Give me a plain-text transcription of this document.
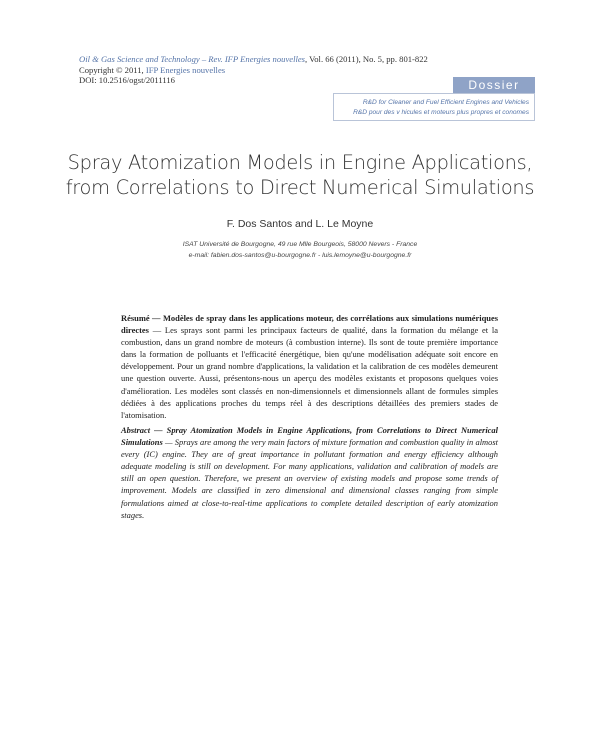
Oil & Gas Science and Technology – Rev. IFP Energies nouvelles, Vol. 66 (2011), No. 5, pp. 801-822
Copyright © 2011, IFP Energies nouvelles
DOI: 10.2516/ogst/2011116	Dossier
R&D for Cleaner and Fuel Efficient Engines and Vehicles
R&D pour des v hicules et moteurs plus propres et conomes
Spray Atomization Models in Engine Applications,
from Correlations to Direct Numerical Simulations
F. Dos Santos and L. Le Moyne
ISAT Université de Bourgogne, 49 rue Mlle Bourgeois, 58000 Nevers - France
e-mail: fabien.dos-santos@u-bourgogne.fr - luis.lemoyne@u-bourgogne.fr
Résumé — Modèles de spray dans les applications moteur, des corrélations aux simulations numériques directes — Les sprays sont parmi les principaux facteurs de qualité, dans la formation du mélange et la combustion, dans un grand nombre de moteurs (à combustion interne). Ils sont de toute première importance dans la formation de polluants et l'efficacité énergétique, bien qu'une modélisation adéquate soit encore en développement. Pour un grand nombre d'applications, la validation et la calibration de ces modèles demeurent une question ouverte. Aussi, présentons-nous un aperçu des modèles existants et proposons quelques voies d'amélioration. Les modèles sont classés en non-dimensionnels et dimensionnels allant de formules simples dédiées à des applications proches du temps réel à des descriptions détaillées des premiers stades de l'atomisation.
Abstract — Spray Atomization Models in Engine Applications, from Correlations to Direct Numerical Simulations — Sprays are among the very main factors of mixture formation and combustion quality in almost every (IC) engine. They are of great importance in pollutant formation and energy efficiency although adequate modeling is still on development. For many applications, validation and calibration of models are still an open question. Therefore, we present an overview of existing models and propose some trends of improvement. Models are classified in zero dimensional and dimensional classes ranging from simple formulations aimed at close-to-real-time applications to complete detailed description of early atomization stages.
